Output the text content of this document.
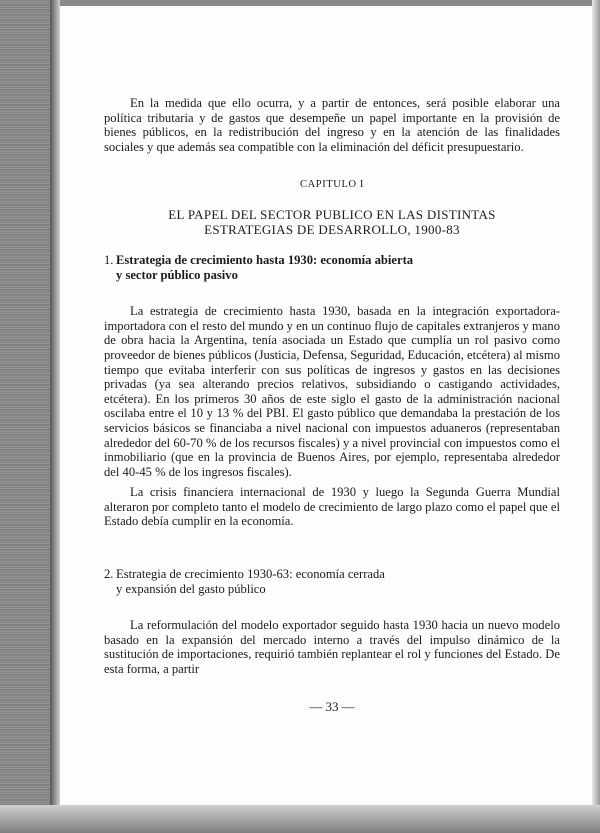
En la medida que ello ocurra, y a partir de entonces, será posible elaborar una política tributaria y de gastos que desempeñe un papel importante en la provisión de bienes públicos, en la redistribución del ingreso y en la atención de las finalidades sociales y que además sea compatible con la eliminación del déficit presupuestario.

CAPITULO I
EL PAPEL DEL SECTOR PUBLICO EN LAS DISTINTAS
ESTRATEGIAS DE DESARROLLO, 1900-83
1. Estrategia de crecimiento hasta 1930: economía abierta
y sector público pasivo

La estrategia de crecimiento hasta 1930, basada en la integración exportadora-importadora con el resto del mundo y en un continuo flujo de capitales extranjeros y mano de obra hacia la Argentina, tenía asociada un Estado que cumplía un rol pasivo como proveedor de bienes públicos (Justicia, Defensa, Seguridad, Educación, etcétera) al mismo tiempo que evitaba interferir con sus políticas de ingresos y gastos en las decisiones privadas (ya sea alterando precios relativos, subsidiando o castigando actividades, etcétera). En los primeros 30 años de este siglo el gasto de la administración nacional oscilaba entre el 10 y 13 % del PBI. El gasto público que demandaba la prestación de los servicios básicos se financiaba a nivel nacional con impuestos aduaneros (representaban alrededor del 60-70 % de los recursos fiscales) y a nivel provincial con impuestos como el inmobiliario (que en la provincia de Buenos Aires, por ejemplo, representaba alrededor del 40-45 % de los ingresos fiscales).

La crisis financiera internacional de 1930 y luego la Segunda Guerra Mundial alteraron por completo tanto el modelo de crecimiento de largo plazo como el papel que el Estado debía cumplir en la economía.

2. Estrategia de crecimiento 1930-63: economía cerrada
y expansión del gasto público

La reformulación del modelo exportador seguido hasta 1930 hacia un nuevo modelo basado en la expansión del mercado interno a través del impulso dinámico de la sustitución de importaciones, requirió también replantear el rol y funciones del Estado. De esta forma, a partir

— 33 —
